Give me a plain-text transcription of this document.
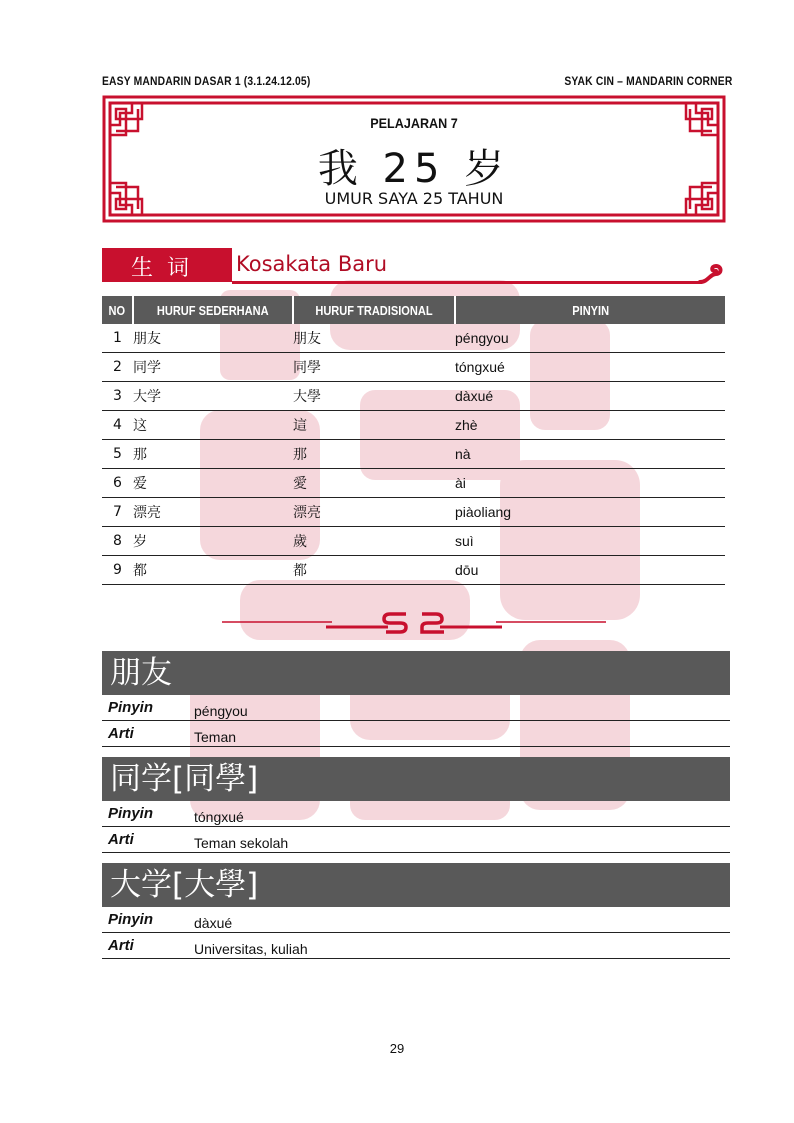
EASY MANDARIN DASAR 1 (3.1.24.12.05)	SYAK CIN – MANDARIN CORNER
PELAJARAN 7
我 25 岁
UMUR SAYA 25 TAHUN
生词	Kosakata Baru
NO	HURUF SEDERHANA	HURUF TRADISIONAL	PINYIN
1	朋友	朋友	péngyou
2	同学	同學	tóngxué
3	大学	大學	dàxué
4	这	這	zhè
5	那	那	nà
6	爱	愛	ài
7	漂亮	漂亮	piàoliang
8	岁	歲	suì
9	都	都	dōu
朋友
Pinyin	péngyou
Arti	Teman
同学[同學]
Pinyin	tóngxué
Arti	Teman sekolah
大学[大學]
Pinyin	dàxué
Arti	Universitas, kuliah
29
